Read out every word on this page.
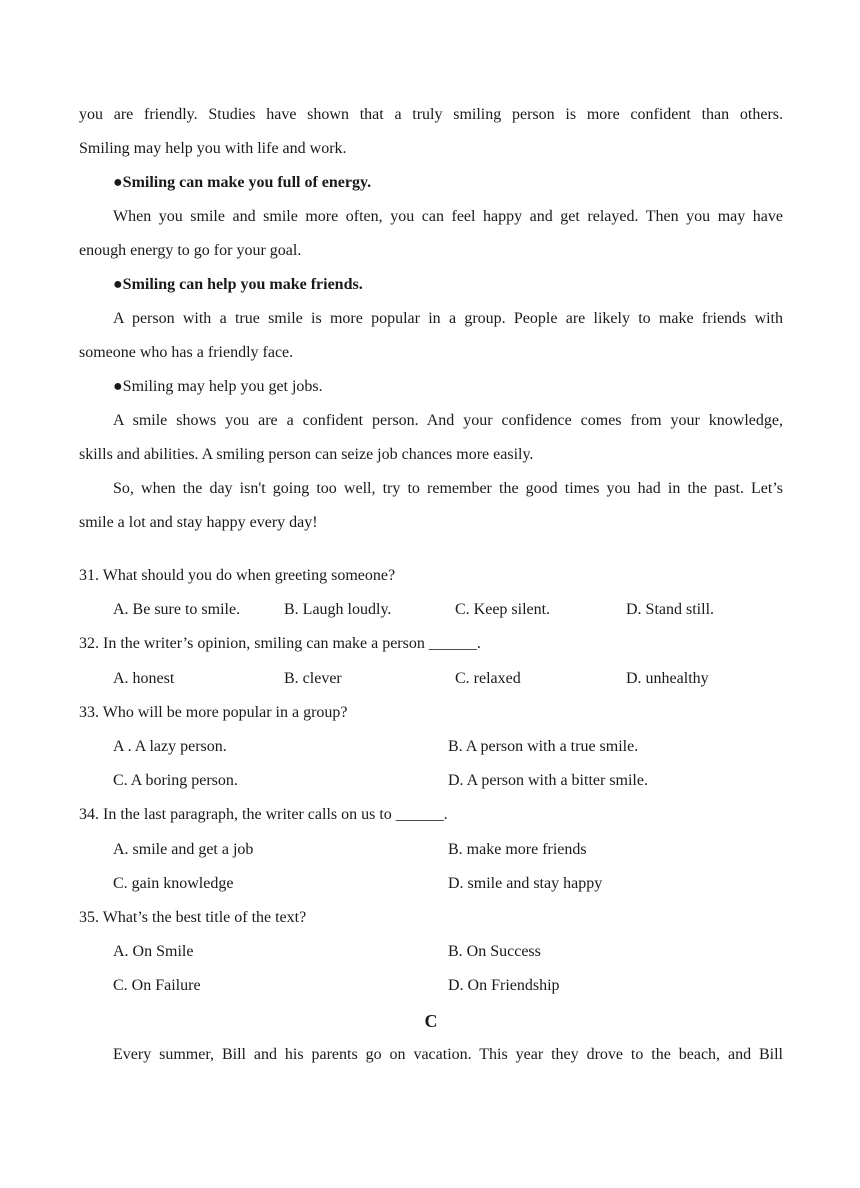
you are friendly. Studies have shown that a truly smiling person is more confident than others.

Smiling may help you with life and work.

●Smiling can make you full of energy.

When you smile and smile more often, you can feel happy and get relayed. Then you may have

enough energy to go for your goal.

●Smiling can help you make friends.

A person with a true smile is more popular in a group. People are likely to make friends with

someone who has a friendly face.

●Smiling may help you get jobs.

A smile shows you are a confident person. And your confidence comes from your knowledge,

skills and abilities. A smiling person can seize job chances more easily.

So, when the day isn't going too well, try to remember the good times you had in the past. Let’s

smile a lot and stay happy every day!

31. What should you do when greeting someone?

A. Be sure to smile.	B. Laugh loudly.	C. Keep silent.	D. Stand still.

32. In the writer’s opinion, smiling can make a person ______.

A. honest	B. clever	C. relaxed	D. unhealthy

33. Who will be more popular in a group?

A . A lazy person.	B. A person with a true smile.
C. A boring person.	D. A person with a bitter smile.

34. In the last paragraph, the writer calls on us to ______.

A. smile and get a job	B. make more friends
C. gain knowledge	D. smile and stay happy

35. What’s the best title of the text?

A. On Smile	B. On Success
C. On Failure	D. On Friendship

C

Every summer, Bill and his parents go on vacation. This year they drove to the beach, and Bill
